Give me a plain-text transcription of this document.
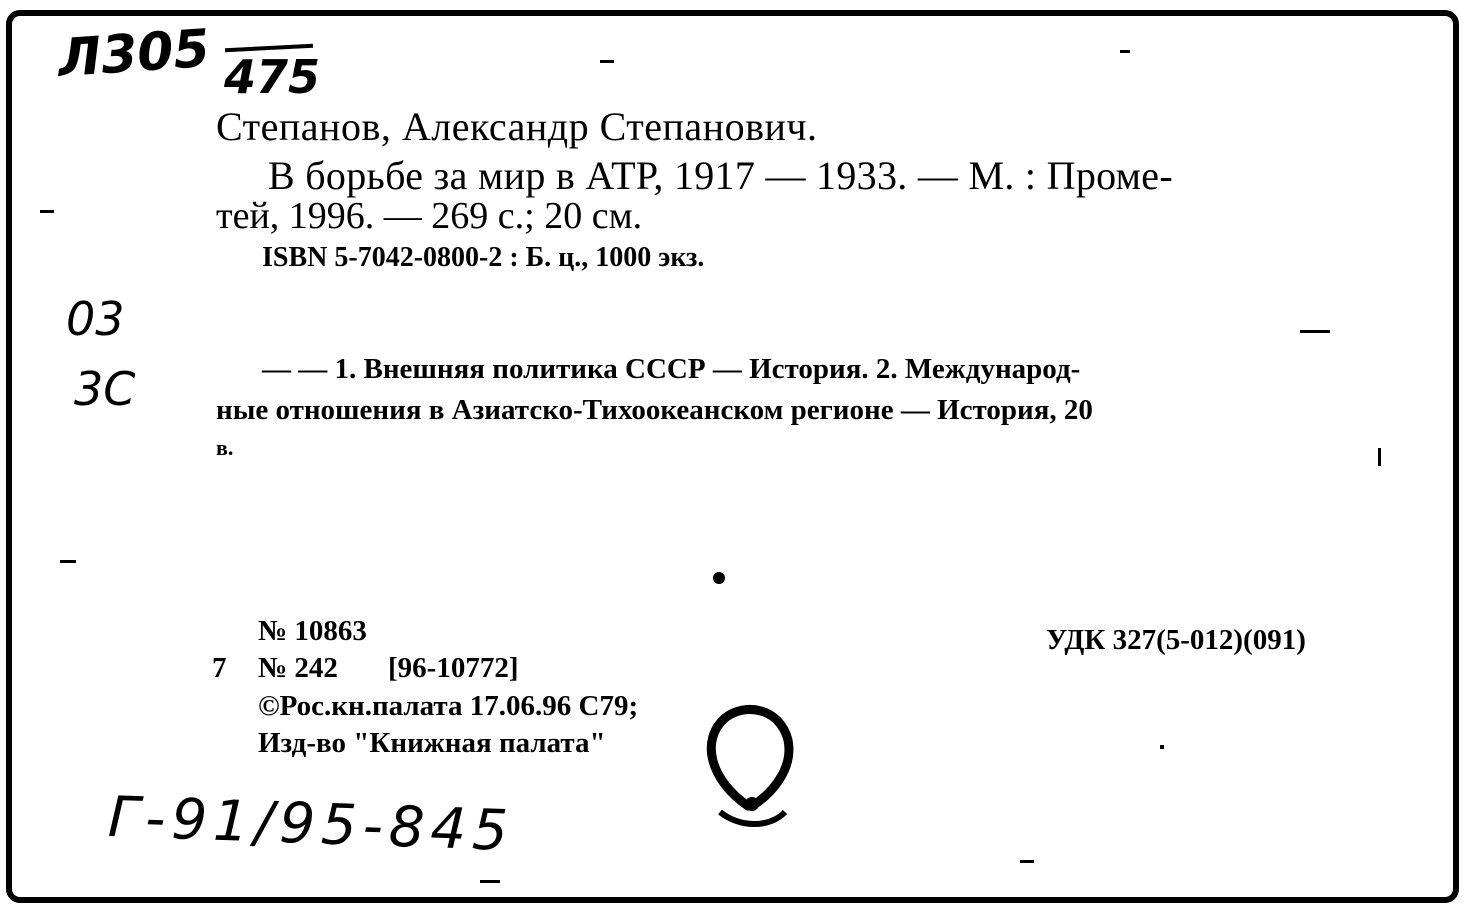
Л305 475
03
3С
Г-91/95-845
Степанов, Александр Степанович.
В борьбе за мир в АТР, 1917 — 1933. — М. : Проме-
тей, 1996. — 269 с.; 20 см.
ISBN 5-7042-0800-2 : Б. ц., 1000 экз.
— — 1. Внешняя политика СССР — История. 2. Международ-
ные отношения в Азиатско-Тихоокеанском регионе — История, 20
в.
№ 10863
7 № 242 [96-10772]
©Рос.кн.палата 17.06.96 С79;
Изд-во "Книжная палата"
УДК 327(5-012)(091)
